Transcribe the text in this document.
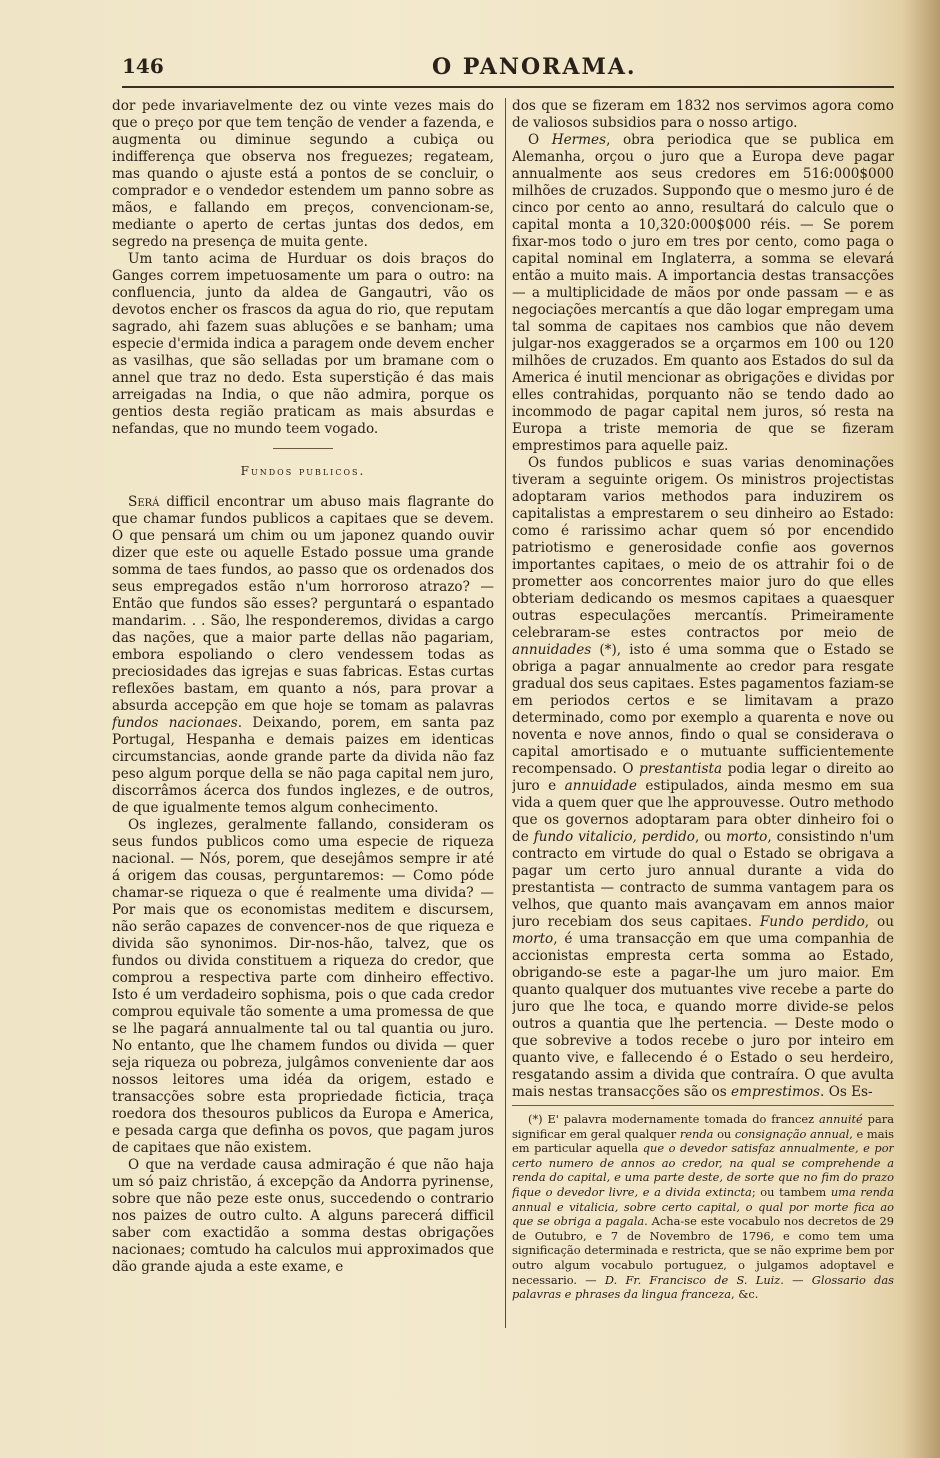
146	O PANORAMA.

dor pede invariavelmente dez ou vinte vezes mais do que o preço por que tem tenção de vender a fazenda, e augmenta ou diminue segundo a cubiça ou indifferença que observa nos freguezes; regateam, mas quando o ajuste está a pontos de se concluir, o comprador e o vendedor estendem um panno sobre as mãos, e fallando em preços, convencionam-se, mediante o aperto de certas juntas dos dedos, em segredo na presença de muita gente.

Um tanto acima de Hurduar os dois braços do Ganges correm impetuosamente um para o outro: na confluencia, junto da aldea de Gangautri, vão os devotos encher os frascos da agua do rio, que reputam sagrado, ahi fazem suas abluções e se banham; uma especie d'ermida indica a paragem onde devem encher as vasilhas, que são selladas por um bramane com o annel que traz no dedo. Esta superstição é das mais arreigadas na India, o que não admira, porque os gentios desta região praticam as mais absurdas e nefandas, que no mundo teem vogado.

Fundos publicos.

Será difficil encontrar um abuso mais flagrante do que chamar fundos publicos a capitaes que se devem. O que pensará um chim ou um japonez quando ouvir dizer que este ou aquelle Estado possue uma grande somma de taes fundos, ao passo que os ordenados dos seus empregados estão n'um horroroso atrazo? — Então que fundos são esses? perguntará o espantado mandarim. . . São, lhe responderemos, dividas a cargo das nações, que a maior parte dellas não pagariam, embora espoliando o clero vendessem todas as preciosidades das igrejas e suas fabricas. Estas curtas reflexões bastam, em quanto a nós, para provar a absurda accepção em que hoje se tomam as palavras fundos nacionaes. Deixando, porem, em santa paz Portugal, Hespanha e demais paizes em identicas circumstancias, aonde grande parte da divida não faz peso algum porque della se não paga capital nem juro, discorrâmos ácerca dos fundos inglezes, e de outros, de que igualmente temos algum conhecimento.

Os inglezes, geralmente fallando, consideram os seus fundos publicos como uma especie de riqueza nacional. — Nós, porem, que desejâmos sempre ir até á origem das cousas, perguntaremos: — Como póde chamar-se riqueza o que é realmente uma divida? — Por mais que os economistas meditem e discursem, não serão capazes de convencer-nos de que riqueza e divida são synonimos. Dir-nos-hão, talvez, que os fundos ou divida constituem a riqueza do credor, que comprou a respectiva parte com dinheiro effectivo. Isto é um verdadeiro sophisma, pois o que cada credor comprou equivale tão somente a uma promessa de que se lhe pagará annualmente tal ou tal quantia ou juro. No entanto, que lhe chamem fundos ou divida — quer seja riqueza ou pobreza, julgâmos conveniente dar aos nossos leitores uma idéa da origem, estado e transacções sobre esta propriedade ficticia, traça roedora dos thesouros publicos da Europa e America, e pesada carga que definha os povos, que pagam juros de capitaes que não existem.

O que na verdade causa admiração é que não haja um só paiz christão, á excepção da Andorra pyrinense, sobre que não peze este onus, succedendo o contrario nos paizes de outro culto. A alguns parecerá difficil saber com exactidão a somma destas obrigações nacionaes; comtudo ha calculos mui approximados que dão grande ajuda a este exame, e

dos que se fizeram em 1832 nos servimos agora como de valiosos subsidios para o nosso artigo.

O Hermes, obra periodica que se publica em Alemanha, orçou o juro que a Europa deve pagar annualmente aos seus credores em 516:000$000 milhões de cruzados. Supponđo que o mesmo juro é de cinco por cento ao anno, resultará do calculo que o capital monta a 10,320:000$000 réis. — Se porem fixar-mos todo o juro em tres por cento, como paga o capital nominal em Inglaterra, a somma se elevará então a muito mais. A importancia destas transacções — a multiplicidade de mãos por onde passam — e as negociações mercantís a que dão logar empregam uma tal somma de capitaes nos cambios que não devem julgar-nos exaggerados se a orçarmos em 100 ou 120 milhões de cruzados. Em quanto aos Estados do sul da America é inutil mencionar as obrigações e dividas por elles contrahidas, porquanto não se tendo dado ao incommodo de pagar capital nem juros, só resta na Europa a triste memoria de que se fizeram emprestimos para aquelle paiz.

Os fundos publicos e suas varias denominações tiveram a seguinte origem. Os ministros projectistas adoptaram varios methodos para induzirem os capitalistas a emprestarem o seu dinheiro ao Estado: como é rarissimo achar quem só por encendido patriotismo e generosidade confie aos governos importantes capitaes, o meio de os attrahir foi o de prometter aos concorrentes maior juro do que elles obteriam dedicando os mesmos capitaes a quaesquer outras especulações mercantís. Primeiramente celebraram-se estes contractos por meio de annuidades (*), isto é uma somma que o Estado se obriga a pagar annualmente ao credor para resgate gradual dos seus capitaes. Estes pagamentos faziam-se em periodos certos e se limitavam a prazo determinado, como por exemplo a quarenta e nove ou noventa e nove annos, findo o qual se considerava o capital amortisado e o mutuante sufficientemente recompensado. O prestantista podia legar o direito ao juro e annuidade estipulados, ainda mesmo em sua vida a quem quer que lhe approuvesse. Outro methodo que os governos adoptaram para obter dinheiro foi o de fundo vitalicio, perdido, ou morto, consistindo n'um contracto em virtude do qual o Estado se obrigava a pagar um certo juro annual durante a vida do prestantista — contracto de summa vantagem para os velhos, que quanto mais avançavam em annos maior juro recebiam dos seus capitaes. Fundo perdido, ou morto, é uma transacção em que uma companhia de accionistas empresta certa somma ao Estado, obrigando-se este a pagar-lhe um juro maior. Em quanto qualquer dos mutuantes vive recebe a parte do juro que lhe toca, e quando morre divide-se pelos outros a quantia que lhe pertencia. — Deste modo o que sobrevive a todos recebe o juro por inteiro em quanto vive, e fallecendo é o Estado o seu herdeiro, resgatando assim a divida que contraíra. O que avulta mais nestas transacções são os emprestimos. Os Es-

(*) E' palavra modernamente tomada do francez annuité para significar em geral qualquer renda ou consignação annual, e mais em particular aquella que o devedor satisfaz annualmente, e por certo numero de annos ao credor, na qual se comprehende a renda do capital, e uma parte deste, de sorte que no fim do prazo fique o devedor livre, e a divida extincta; ou tambem uma renda annual e vitalicia, sobre certo capital, o qual por morte fica ao que se obriga a pagala. Acha-se este vocabulo nos decretos de 29 de Outubro, e 7 de Novembro de 1796, e como tem uma significação determinada e restricta, que se não exprime bem por outro algum vocabulo portuguez, o julgamos adoptavel e necessario. — D. Fr. Francisco de S. Luiz. — Glossario das palavras e phrases da lingua franceza, &c.
